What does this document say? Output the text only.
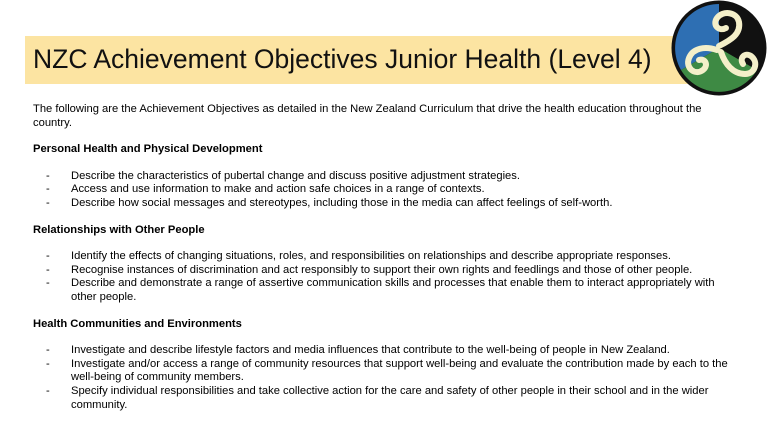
NZC Achievement Objectives Junior Health (Level 4)

The following are the Achievement Objectives as detailed in the New Zealand Curriculum that drive the health education throughout the country.

Personal Health and Physical Development

- Describe the characteristics of pubertal change and discuss positive adjustment strategies.
- Access and use information to make and action safe choices in a range of contexts.
- Describe how social messages and stereotypes, including those in the media can affect feelings of self-worth.

Relationships with Other People

- Identify the effects of changing situations, roles, and responsibilities on relationships and describe appropriate responses.
- Recognise instances of discrimination and act responsibly to support their own rights and feedlings and those of other people.
- Describe and demonstrate a range of assertive communication skills and processes that enable them to interact appropriately with other people.

Health Communities and Environments

- Investigate and describe lifestyle factors and media influences that contribute to the well-being of people in New Zealand.
- Investigate and/or access a range of community resources that support well-being and evaluate the contribution made by each to the well-being of community members.
- Specify individual responsibilities and take collective action for the care and safety of other people in their school and in the wider community.
